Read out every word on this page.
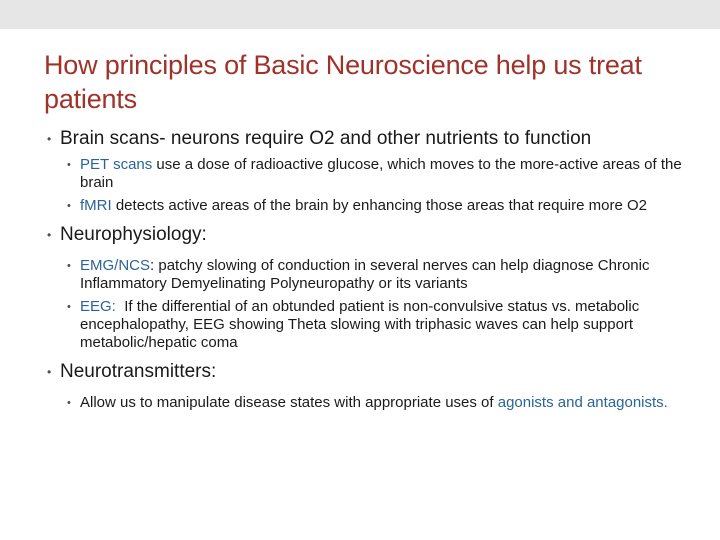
How principles of Basic Neuroscience help us treat patients
• Brain scans- neurons require O2 and other nutrients to function
• PET scans use a dose of radioactive glucose, which moves to the more-active areas of the brain
• fMRI detects active areas of the brain by enhancing those areas that require more O2
• Neurophysiology:
• EMG/NCS: patchy slowing of conduction in several nerves can help diagnose Chronic Inflammatory Demyelinating Polyneuropathy or its variants
• EEG:  If the differential of an obtunded patient is non-convulsive status vs. metabolic encephalopathy, EEG showing Theta slowing with triphasic waves can help support metabolic/hepatic coma
• Neurotransmitters:
• Allow us to manipulate disease states with appropriate uses of agonists and antagonists.
